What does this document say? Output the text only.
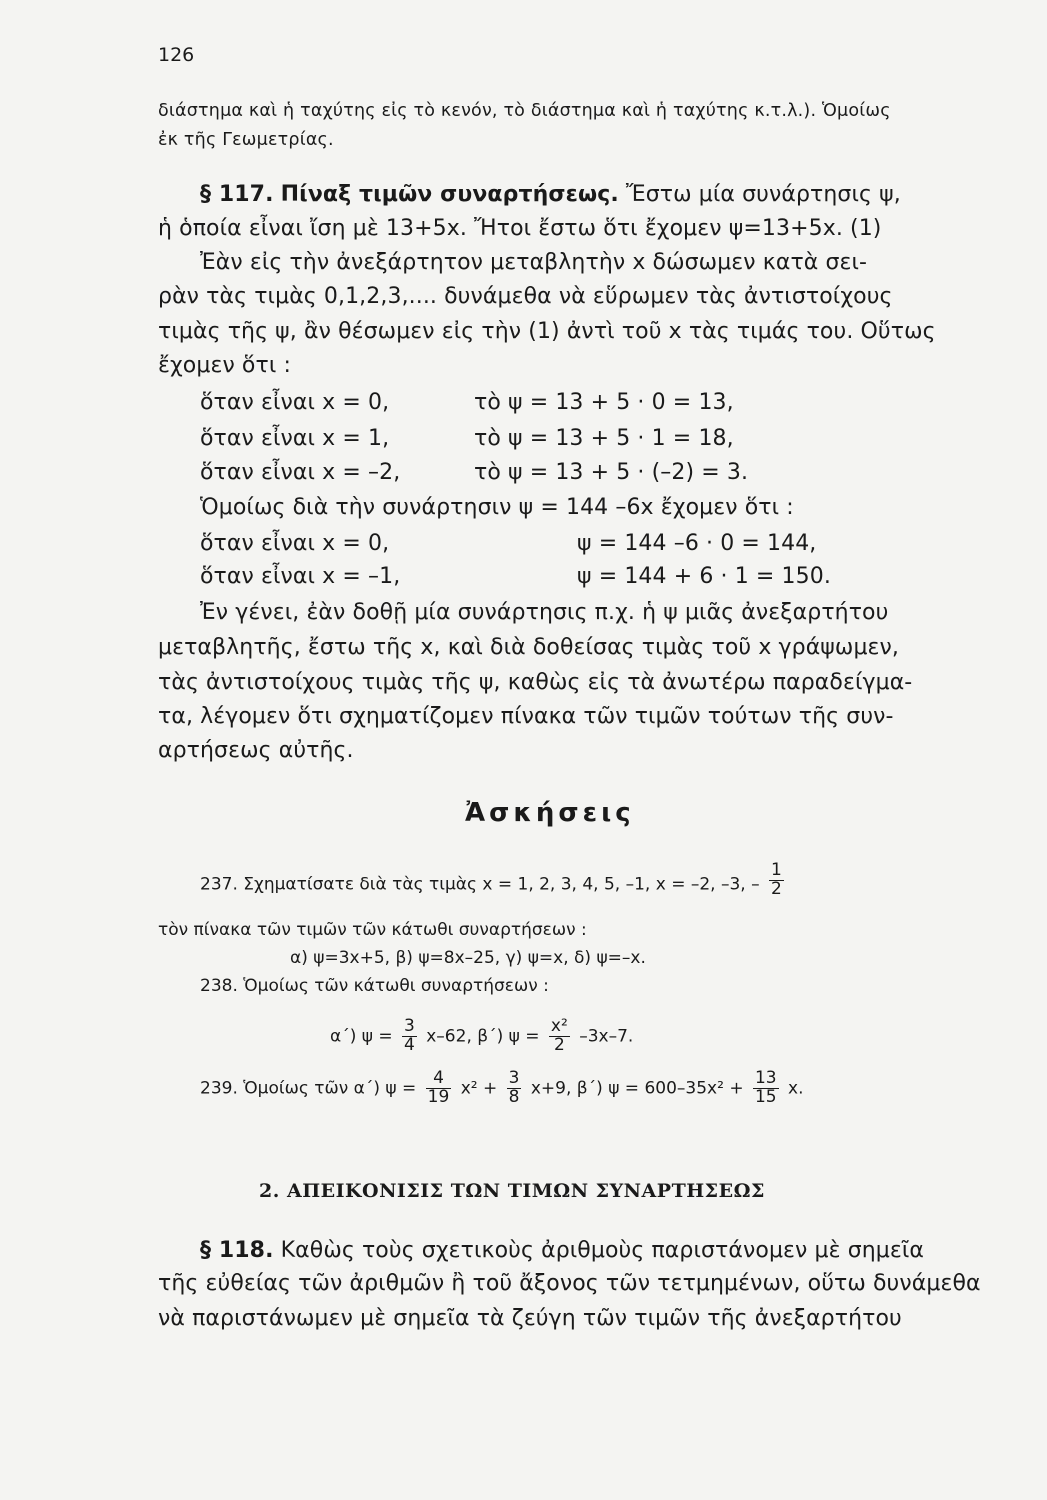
126
διάστημα καὶ ἡ ταχύτης εἰς τὸ κενόν, τὸ διάστημα καὶ ἡ ταχύτης κ.τ.λ.). Ὁμοίως
ἐκ τῆς Γεωμετρίας.
§ 117. Πίναξ τιμῶν συναρτήσεως. Ἔστω μία συνάρτησις ψ,
ἡ ὁποία εἶναι ἴση μὲ 13+5x. Ἤτοι ἔστω ὅτι ἔχομεν ψ=13+5x. (1)
Ἐὰν εἰς τὴν ἀνεξάρτητον μεταβλητὴν x δώσωμεν κατὰ σει-
ρὰν τὰς τιμὰς 0,1,2,3,.... δυνάμεθα νὰ εὕρωμεν τὰς ἀντιστοίχους
τιμὰς τῆς ψ, ἂν θέσωμεν εἰς τὴν (1) ἀντὶ τοῦ x τὰς τιμάς του. Οὕτως
ἔχομεν ὅτι :
ὅταν εἶναι x = 0,	τὸ ψ = 13 + 5 · 0 = 13,
ὅταν εἶναι x = 1,	τὸ ψ = 13 + 5 · 1 = 18,
ὅταν εἶναι x = –2,	τὸ ψ = 13 + 5 · (–2) = 3.
Ὁμοίως διὰ τὴν συνάρτησιν ψ = 144 –6x ἔχομεν ὅτι :
ὅταν εἶναι x = 0,	ψ = 144 –6 · 0 = 144,
ὅταν εἶναι x = –1,	ψ = 144 + 6 · 1 = 150.
Ἐν γένει, ἐὰν δοθῇ μία συνάρτησις π.χ. ἡ ψ μιᾶς ἀνεξαρτήτου
μεταβλητῆς, ἔστω τῆς x, καὶ διὰ δοθείσας τιμὰς τοῦ x γράψωμεν,
τὰς ἀντιστοίχους τιμὰς τῆς ψ, καθὼς εἰς τὰ ἀνωτέρω παραδείγμα-
τα, λέγομεν ὅτι σχηματίζομεν πίνακα τῶν τιμῶν τούτων τῆς συν-
αρτήσεως αὐτῆς.
Ἀσκήσεις
237. Σχηματίσατε διὰ τὰς τιμὰς x = 1, 2, 3, 4, 5, –1, x = –2, –3, – $\frac{1}{2}$
τὸν πίνακα τῶν τιμῶν τῶν κάτωθι συναρτήσεων :
α) ψ=3x+5, β) ψ=8x–25, γ) ψ=x, δ) ψ=–x.
238. Ὁμοίως τῶν κάτωθι συναρτήσεων :
α΄) $\psi = \frac{3}{4} x-62$, β΄) $\psi = \frac{\text{x²}}{2} -3x-7$.
239. Ὁμοίως τῶν α΄) $\psi = \frac{4}{19} x^2 + \frac{3}{8} x+9$, β΄) $\psi = 600-35x^2 + \frac{13}{15} x$.
2. ΑΠΕΙΚΟΝΙΣΙΣ ΤΩΝ ΤΙΜΩΝ ΣΥΝΑΡΤΗΣΕΩΣ
§ 118. Καθὼς τοὺς σχετικοὺς ἀριθμοὺς παριστάνομεν μὲ σημεῖα
τῆς εὐθείας τῶν ἀριθμῶν ἢ τοῦ ἄξονος τῶν τετμημένων, οὕτω δυνάμεθα
νὰ παριστάνωμεν μὲ σημεῖα τὰ ζεύγη τῶν τιμῶν τῆς ἀνεξαρτήτου
